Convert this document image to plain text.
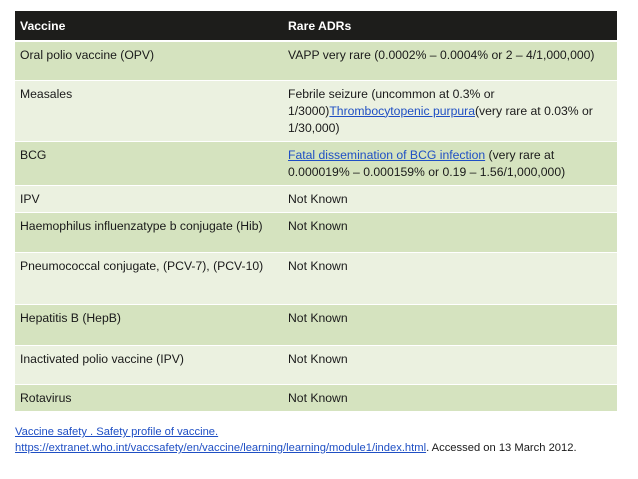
Vaccine	Rare ADRs
Oral polio vaccine (OPV)	VAPP very rare (0.0002% – 0.0004% or 2 – 4/1,000,000)
Measales	Febrile seizure (uncommon at 0.3% or 1/3000)Thrombocytopenic purpura(very rare at 0.03% or 1/30,000)
BCG	Fatal dissemination of BCG infection (very rare at 0.000019% – 0.000159% or 0.19 – 1.56/1,000,000)
IPV	Not Known
Haemophilus influenzatype b conjugate (Hib)	Not Known
Pneumococcal conjugate, (PCV-7), (PCV-10)	Not Known
Hepatitis B (HepB)	Not Known
Inactivated polio vaccine (IPV)	Not Known
Rotavirus	Not Known
Vaccine safety . Safety profile of vaccine.
https://extranet.who.int/vaccsafety/en/vaccine/learning/learning/module1/index.html. Accessed on 13 March 2012.
